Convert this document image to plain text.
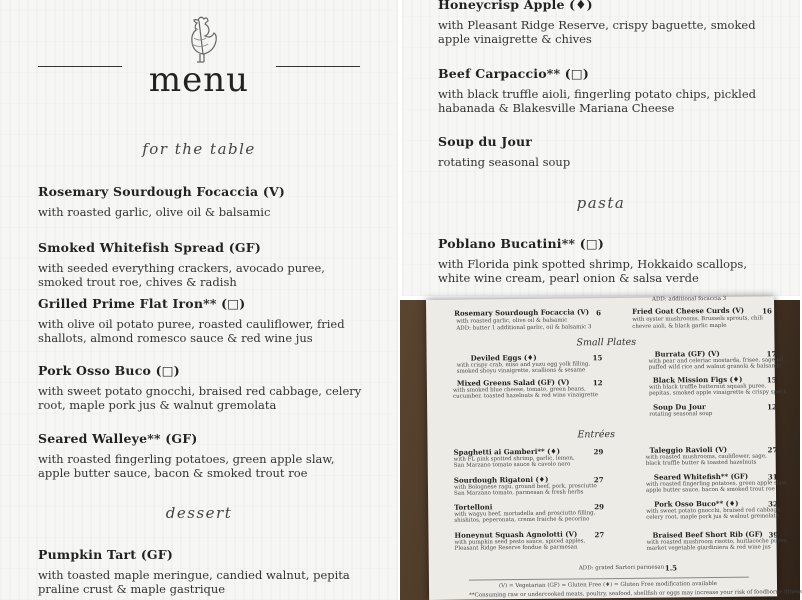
menu
for the table
Rosemary Sourdough Focaccia (V)
with roasted garlic, olive oil & balsamic
Smoked Whitefish Spread (GF)
with seeded everything crackers, avocado puree, smoked trout roe, chives & radish
Grilled Prime Flat Iron** (□)
with olive oil potato puree, roasted cauliflower, fried shallots, almond romesco sauce & red wine jus
Pork Osso Buco (□)
with sweet potato gnocchi, braised red cabbage, celery root, maple pork jus & walnut gremolata
Seared Walleye** (GF)
with roasted fingerling potatoes, green apple slaw, apple butter sauce, bacon & smoked trout roe
dessert
Pumpkin Tart (GF)
with toasted maple meringue, candied walnut, pepita praline crust & maple gastrique
Honeycrisp Apple (♦)
with Pleasant Ridge Reserve, crispy baguette, smoked apple vinaigrette & chives
Beef Carpaccio** (□)
with black truffle aioli, fingerling potato chips, pickled habanada & Blakesville Mariana Cheese
Soup du Jour
rotating seasonal soup
pasta
Poblano Bucatini** (□)
with Florida pink spotted shrimp, Hokkaido scallops, white wine cream, pearl onion & salsa verde
ADD: additional focaccia 3
Rosemary Sourdough Focaccia (V) 6
with roasted garlic, olive oil & balsamic
ADD: butter 1 additional garlic, oil & balsamic 3
Fried Goat Cheese Curds (V)	16
with oyster mushrooms, Brussels sprouts, chili
chevre aioli, & black garlic maple
Small Plates
Deviled Eggs (♦)	15
with crispy crab, miso and yuzu egg yolk filling,
smoked shoyu vinaigrette, scallions & sesame
Burrata (GF) (V)	17
with pear and celeriac mostarda, frisee, sage oil,
puffed wild rice and walnut granola & balsamic
Mixed Greens Salad (GF) (V)	12
with smoked blue cheese, tomato, green beans,
cucumber, toasted hazelnuts & red wine vinaigrette
Black Mission Figs (♦)	15
with black truffle butternut squash puree,
pepitas, smoked apple vinaigrette & crispy speck
Soup Du Jour	12
rotating seasonal soup
Entrées
Spaghetti ai Gamberi** (♦)	29
with FL pink spotted shrimp, garlic, lemon,
San Marzano tomato sauce & cavolo nero
Taleggio Ravioli (V)	27
with roasted mushrooms, cauliflower, sage,
black truffle butter & toasted hazelnuts
Sourdough Rigatoni (♦)	27
with Bolognese ragu, ground beef, pork, prosciutto
San Marzano tomato, parmesan & fresh herbs
Seared Whitefish** (GF)	31
with roasted fingerling potatoes, green apple slaw,
apple butter sauce, bacon & smoked trout roe
Tortelloni	29
with wagyu beef, mortadella and prosciutto filling,
shishitos, peperonata, creme fraiche & pecorino
Pork Osso Buco** (♦)	32
with sweet potato gnocchi, braised red cabbage,
celery root, maple pork jus & walnut gremolata
Honeynut Squash Agnolotti (V) 27
with pumpkin seed pesto sauce, spiced apples,
Pleasant Ridge Reserve fondue & parmesan
Braised Beef Short Rib (GF) 39
with roasted mushroom risotto, huitlacoche puree,
market vegetable giardiniera & red wine jus
ADD: grated Sartori parmesan 1.5
(V) = Vegetarian (GF) = Gluten Free (♦) = Gluten Free modification available
**Consuming raw or undercooked meats, poultry, seafood, shellfish or eggs may increase your risk of foodborne illness
